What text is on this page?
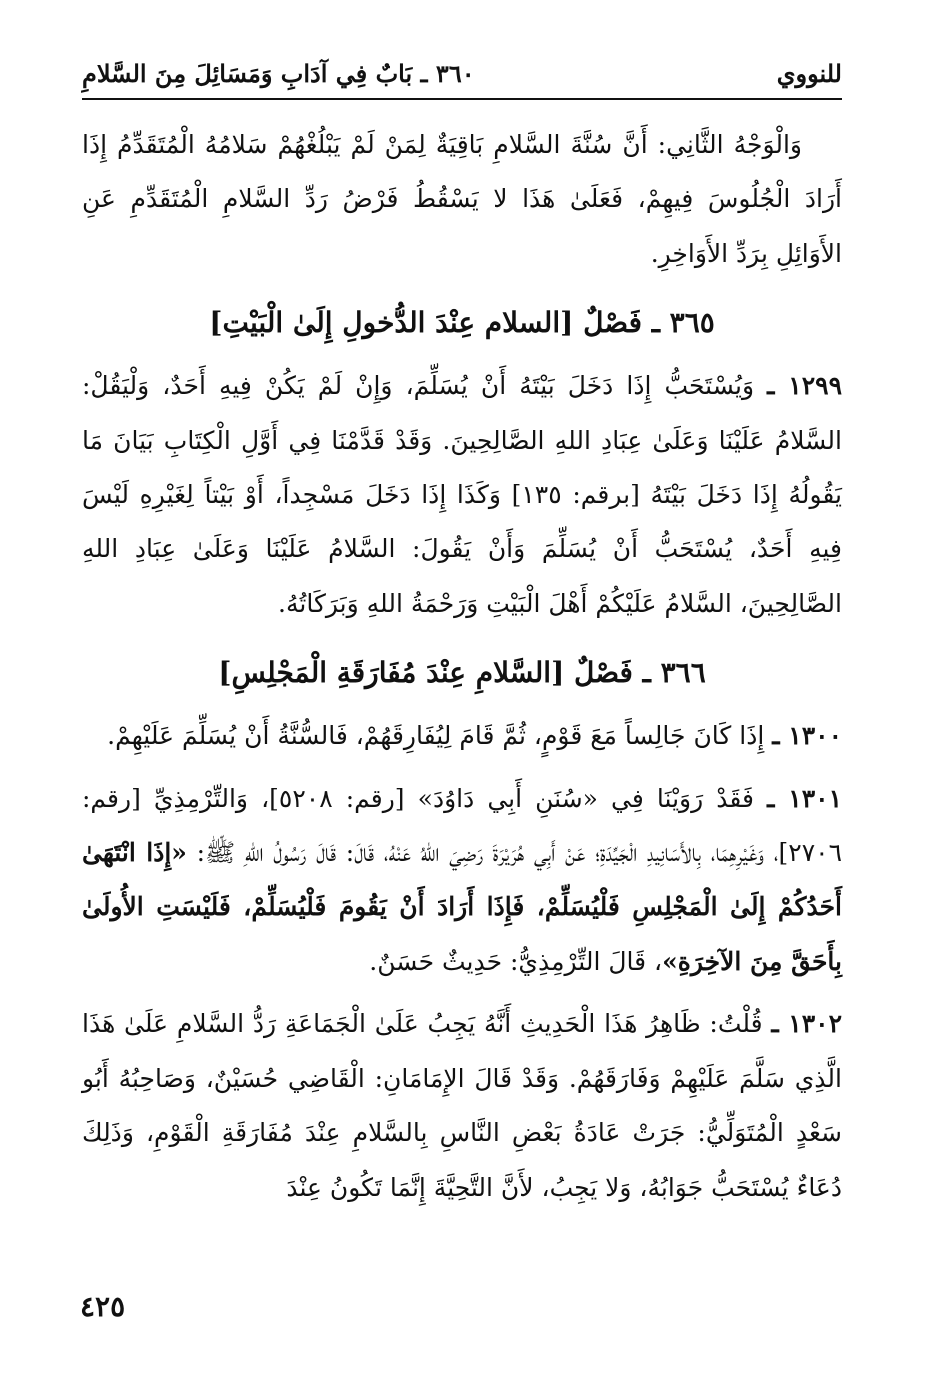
للنووي
٣٦٠ ـ بَابٌ فِي آدَابِ وَمَسَائِلَ مِنَ السَّلامِ

وَالْوَجْهُ الثَّانِي: أَنَّ سُنَّةَ السَّلامِ بَاقِيَةٌ لِمَنْ لَمْ يَبْلُغْهُمْ سَلامُهُ الْمُتَقَدِّمُ إِذَا أَرَادَ الْجُلُوسَ فِيهِمْ، فَعَلَىٰ هَذَا لا يَسْقُطُ فَرْضُ رَدِّ السَّلامِ الْمُتَقَدِّمِ عَنِ الأَوَائِلِ بِرَدِّ الأَوَاخِرِ.

٣٦٥ ـ فَصْلٌ [السلام عِنْدَ الدُّخولِ إِلَىٰ الْبَيْتِ]

١٢٩٩ ـ وَيُسْتَحَبُّ إِذَا دَخَلَ بَيْتَهُ أَنْ يُسَلِّمَ، وَإِنْ لَمْ يَكُنْ فِيهِ أَحَدٌ، وَلْيَقُلْ: السَّلامُ عَلَيْنَا وَعَلَىٰ عِبَادِ اللهِ الصَّالِحِينَ. وَقَدْ قَدَّمْنَا فِي أَوَّلِ الْكِتَابِ بَيَانَ مَا يَقُولُهُ إِذَا دَخَلَ بَيْتَهُ [برقم: ١٣٥] وَكَذَا إِذَا دَخَلَ مَسْجِداً، أَوْ بَيْتاً لِغَيْرِهِ لَيْسَ فِيهِ أَحَدٌ، يُسْتَحَبُّ أَنْ يُسَلِّمَ وَأَنْ يَقُولَ: السَّلامُ عَلَيْنَا وَعَلَىٰ عِبَادِ اللهِ الصَّالِحِينَ، السَّلامُ عَلَيْكُمْ أَهْلَ الْبَيْتِ وَرَحْمَةُ اللهِ وَبَرَكَاتُهُ.

٣٦٦ ـ فَصْلٌ [السَّلامِ عِنْدَ مُفَارَقَةِ الْمَجْلِسِ]

١٣٠٠ ـ إِذَا كَانَ جَالِساً مَعَ قَوْمٍ، ثُمَّ قَامَ لِيُفَارِقَهُمْ، فَالسُّنَّةُ أَنْ يُسَلِّمَ عَلَيْهِمْ.

١٣٠١ ـ فَقَدْ رَوَيْنَا فِي «سُنَنِ أَبِي دَاوُدَ» [رقم: ٥٢٠٨]، وَالتِّرْمِذِيِّ [رقم: ٢٧٠٦]، وَغَيْرِهِمَا، بِالأَسَانِيدِ الْجَيِّدَةِ؛ عَنْ أَبِي هُرَيْرَةَ رَضِيَ اللهُ عَنْهُ، قَالَ: قَالَ رَسُولُ اللهِ ﷺ: «إِذَا انْتَهَىٰ أَحَدُكُمْ إِلَىٰ الْمَجْلِسِ فَلْيُسَلِّمْ، فَإِذَا أَرَادَ أَنْ يَقُومَ فَلْيُسَلِّمْ، فَلَيْسَتِ الأُولَىٰ بِأَحَقَّ مِنَ الآخِرَةِ»، قَالَ التِّرْمِذِيُّ: حَدِيثٌ حَسَنٌ.

١٣٠٢ ـ قُلْتُ: ظَاهِرُ هَذَا الْحَدِيثِ أَنَّهُ يَجِبُ عَلَىٰ الْجَمَاعَةِ رَدُّ السَّلامِ عَلَىٰ هَذَا الَّذِي سَلَّمَ عَلَيْهِمْ وَفَارَقَهُمْ. وَقَدْ قَالَ الإِمَامَانِ: الْقَاضِي حُسَيْنٌ، وَصَاحِبُهُ أَبُو سَعْدٍ الْمُتَوَلِّيُّ: جَرَتْ عَادَةُ بَعْضِ النَّاسِ بِالسَّلامِ عِنْدَ مُفَارَقَةِ الْقَوْمِ، وَذَلِكَ دُعَاءٌ يُسْتَحَبُّ جَوَابُهُ، وَلا يَجِبُ، لأَنَّ التَّحِيَّةَ إِنَّمَا تَكُونُ عِنْدَ

٤٢٥
